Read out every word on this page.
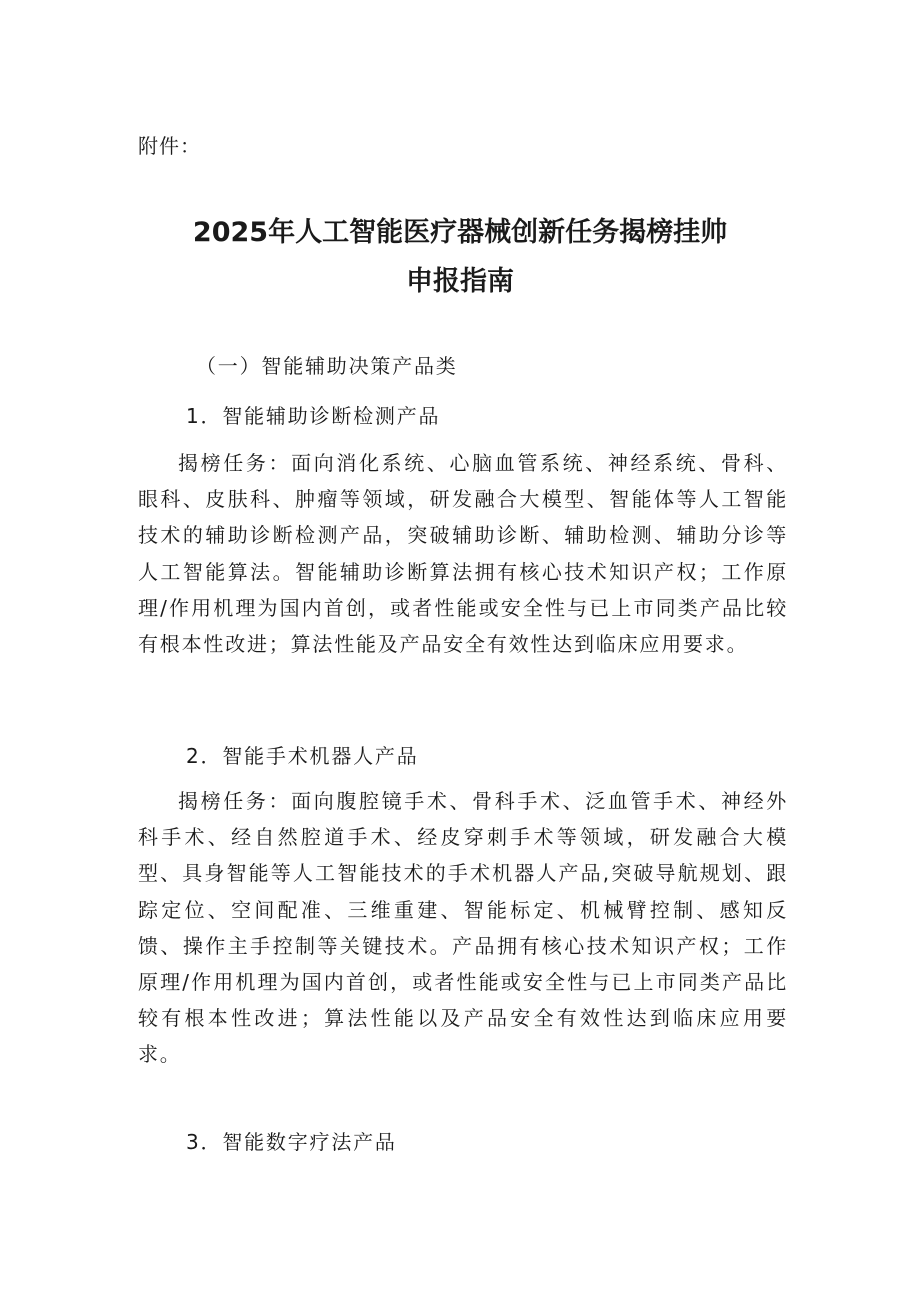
附件：
2025年人工智能医疗器械创新任务揭榜挂帅
申报指南

（一）智能辅助决策产品类

1．智能辅助诊断检测产品

揭榜任务：面向消化系统、心脑血管系统、神经系统、骨科、眼科、皮肤科、肿瘤等领域，研发融合大模型、智能体等人工智能技术的辅助诊断检测产品，突破辅助诊断、辅助检测、辅助分诊等人工智能算法。智能辅助诊断算法拥有核心技术知识产权；工作原理/作用机理为国内首创，或者性能或安全性与已上市同类产品比较有根本性改进；算法性能及产品安全有效性达到临床应用要求。

2．智能手术机器人产品

揭榜任务：面向腹腔镜手术、骨科手术、泛血管手术、神经外科手术、经自然腔道手术、经皮穿刺手术等领域，研发融合大模型、具身智能等人工智能技术的手术机器人产品,突破导航规划、跟踪定位、空间配准、三维重建、智能标定、机械臂控制、感知反馈、操作主手控制等关键技术。产品拥有核心技术知识产权；工作原理/作用机理为国内首创，或者性能或安全性与已上市同类产品比较有根本性改进；算法性能以及产品安全有效性达到临床应用要求。

3．智能数字疗法产品
